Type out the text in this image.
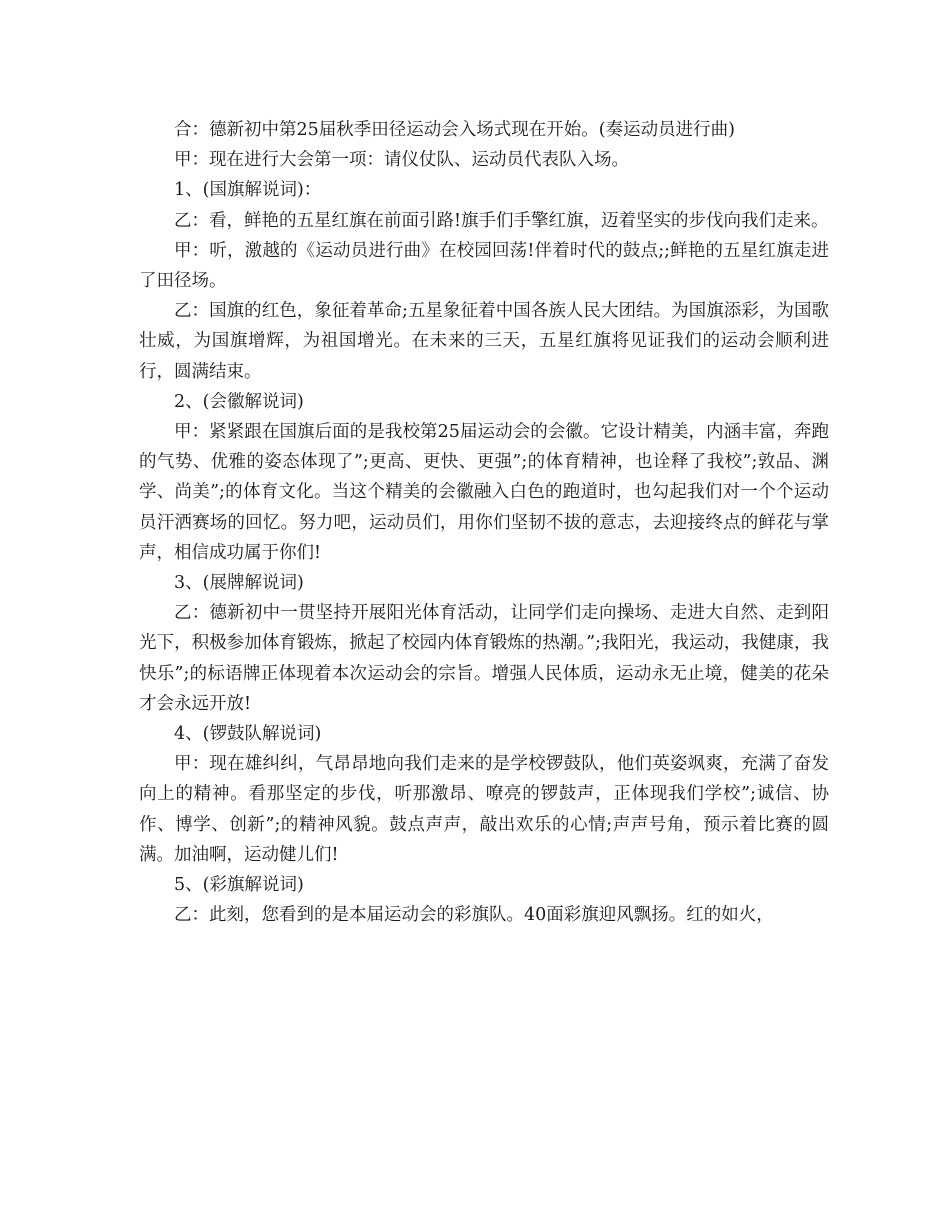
合：德新初中第25届秋季田径运动会入场式现在开始。(奏运动员进行曲)

甲：现在进行大会第一项：请仪仗队、运动员代表队入场。

1、(国旗解说词)：

乙：看，鲜艳的五星红旗在前面引路!旗手们手擎红旗，迈着坚实的步伐向我们走来。

甲：听，激越的《运动员进行曲》在校园回荡!伴着时代的鼓点;;鲜艳的五星红旗走进了田径场。

乙：国旗的红色，象征着革命;五星象征着中国各族人民大团结。为国旗添彩，为国歌壮威，为国旗增辉，为祖国增光。在未来的三天，五星红旗将见证我们的运动会顺利进行，圆满结束。

2、(会徽解说词)

甲：紧紧跟在国旗后面的是我校第25届运动会的会徽。它设计精美，内涵丰富，奔跑的气势、优雅的姿态体现了”;更高、更快、更强”;的体育精神，也诠释了我校”;敦品、渊学、尚美”;的体育文化。当这个精美的会徽融入白色的跑道时，也勾起我们对一个个运动员汗洒赛场的回忆。努力吧，运动员们，用你们坚韧不拔的意志，去迎接终点的鲜花与掌声，相信成功属于你们!

3、(展牌解说词)

乙：德新初中一贯坚持开展阳光体育活动，让同学们走向操场、走进大自然、走到阳光下，积极参加体育锻炼，掀起了校园内体育锻炼的热潮。”;我阳光，我运动，我健康，我快乐”;的标语牌正体现着本次运动会的宗旨。增强人民体质，运动永无止境，健美的花朵才会永远开放!

4、(锣鼓队解说词)

甲：现在雄纠纠，气昂昂地向我们走来的是学校锣鼓队，他们英姿飒爽，充满了奋发向上的精神。看那坚定的步伐，听那激昂、嘹亮的锣鼓声，正体现我们学校”;诚信、协作、博学、创新”;的精神风貌。鼓点声声，敲出欢乐的心情;声声号角，预示着比赛的圆满。加油啊，运动健儿们!

5、(彩旗解说词)

乙：此刻，您看到的是本届运动会的彩旗队。40面彩旗迎风飘扬。红的如火，
